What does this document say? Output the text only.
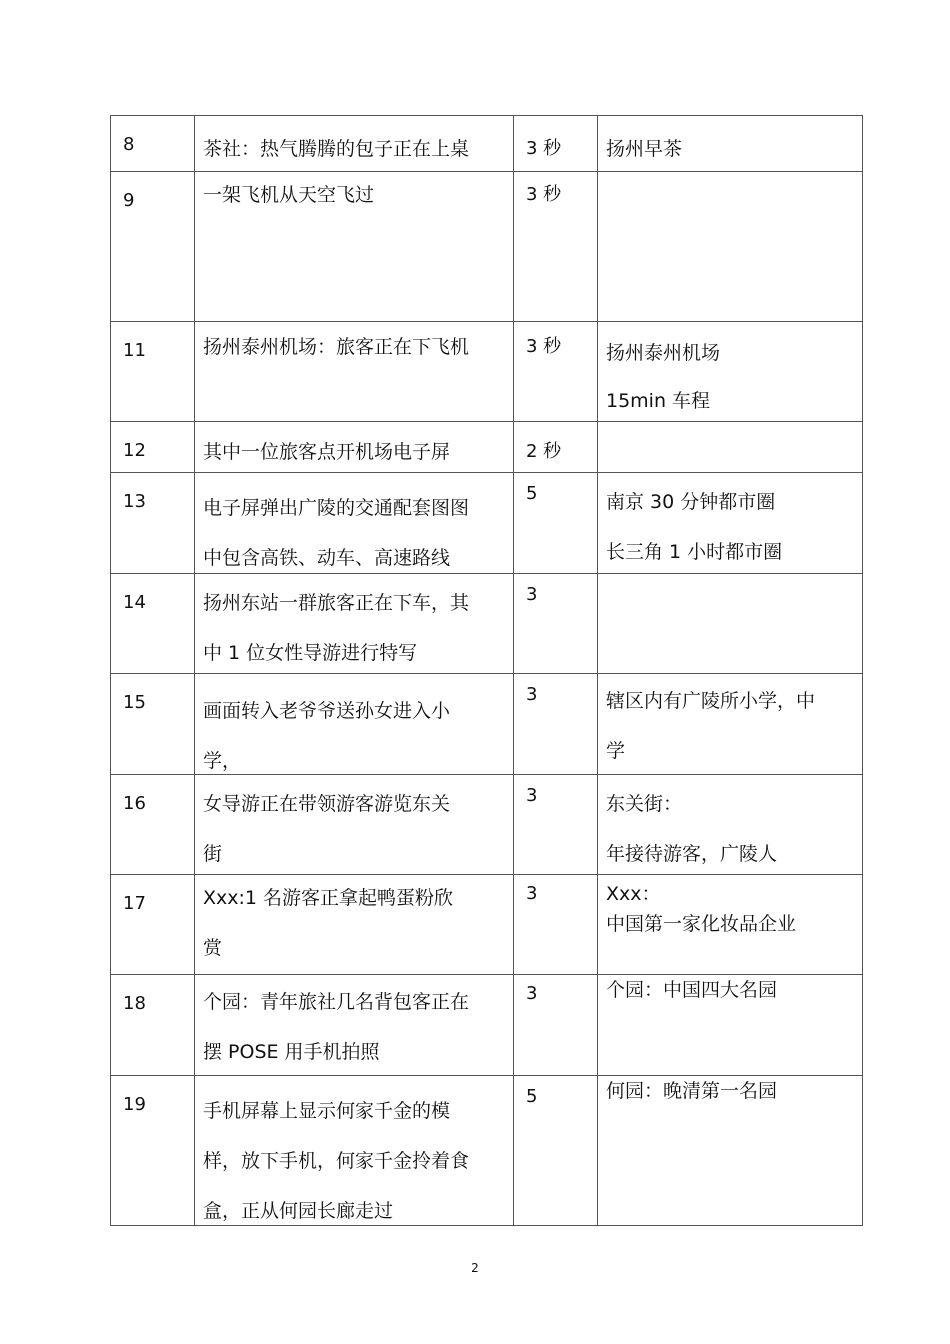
8	茶社：热气腾腾的包子正在上桌	3 秒	扬州早茶

9	一架飞机从天空飞过	3 秒	

11	扬州泰州机场：旅客正在下飞机	3 秒	扬州泰州机场
15min 车程

12	其中一位旅客点开机场电子屏	2 秒	

13	电子屏弹出广陵的交通配套图图
中包含高铁、动车、高速路线	5	南京 30 分钟都市圈
长三角 1 小时都市圈

14	扬州东站一群旅客正在下车，其
中 1 位女性导游进行特写	3	

15	画面转入老爷爷送孙女进入小
学，	3	辖区内有广陵所小学，中
学

16	女导游正在带领游客游览东关
街	3	东关街：
年接待游客，广陵人

17	Xxx:1 名游客正拿起鸭蛋粉欣
赏	3	Xxx：
中国第一家化妆品企业

18	个园：青年旅社几名背包客正在
摆 POSE 用手机拍照	3	个园：中国四大名园

19	手机屏幕上显示何家千金的模
样，放下手机，何家千金拎着食
盒，正从何园长廊走过	5	何园：晚清第一名园
2
